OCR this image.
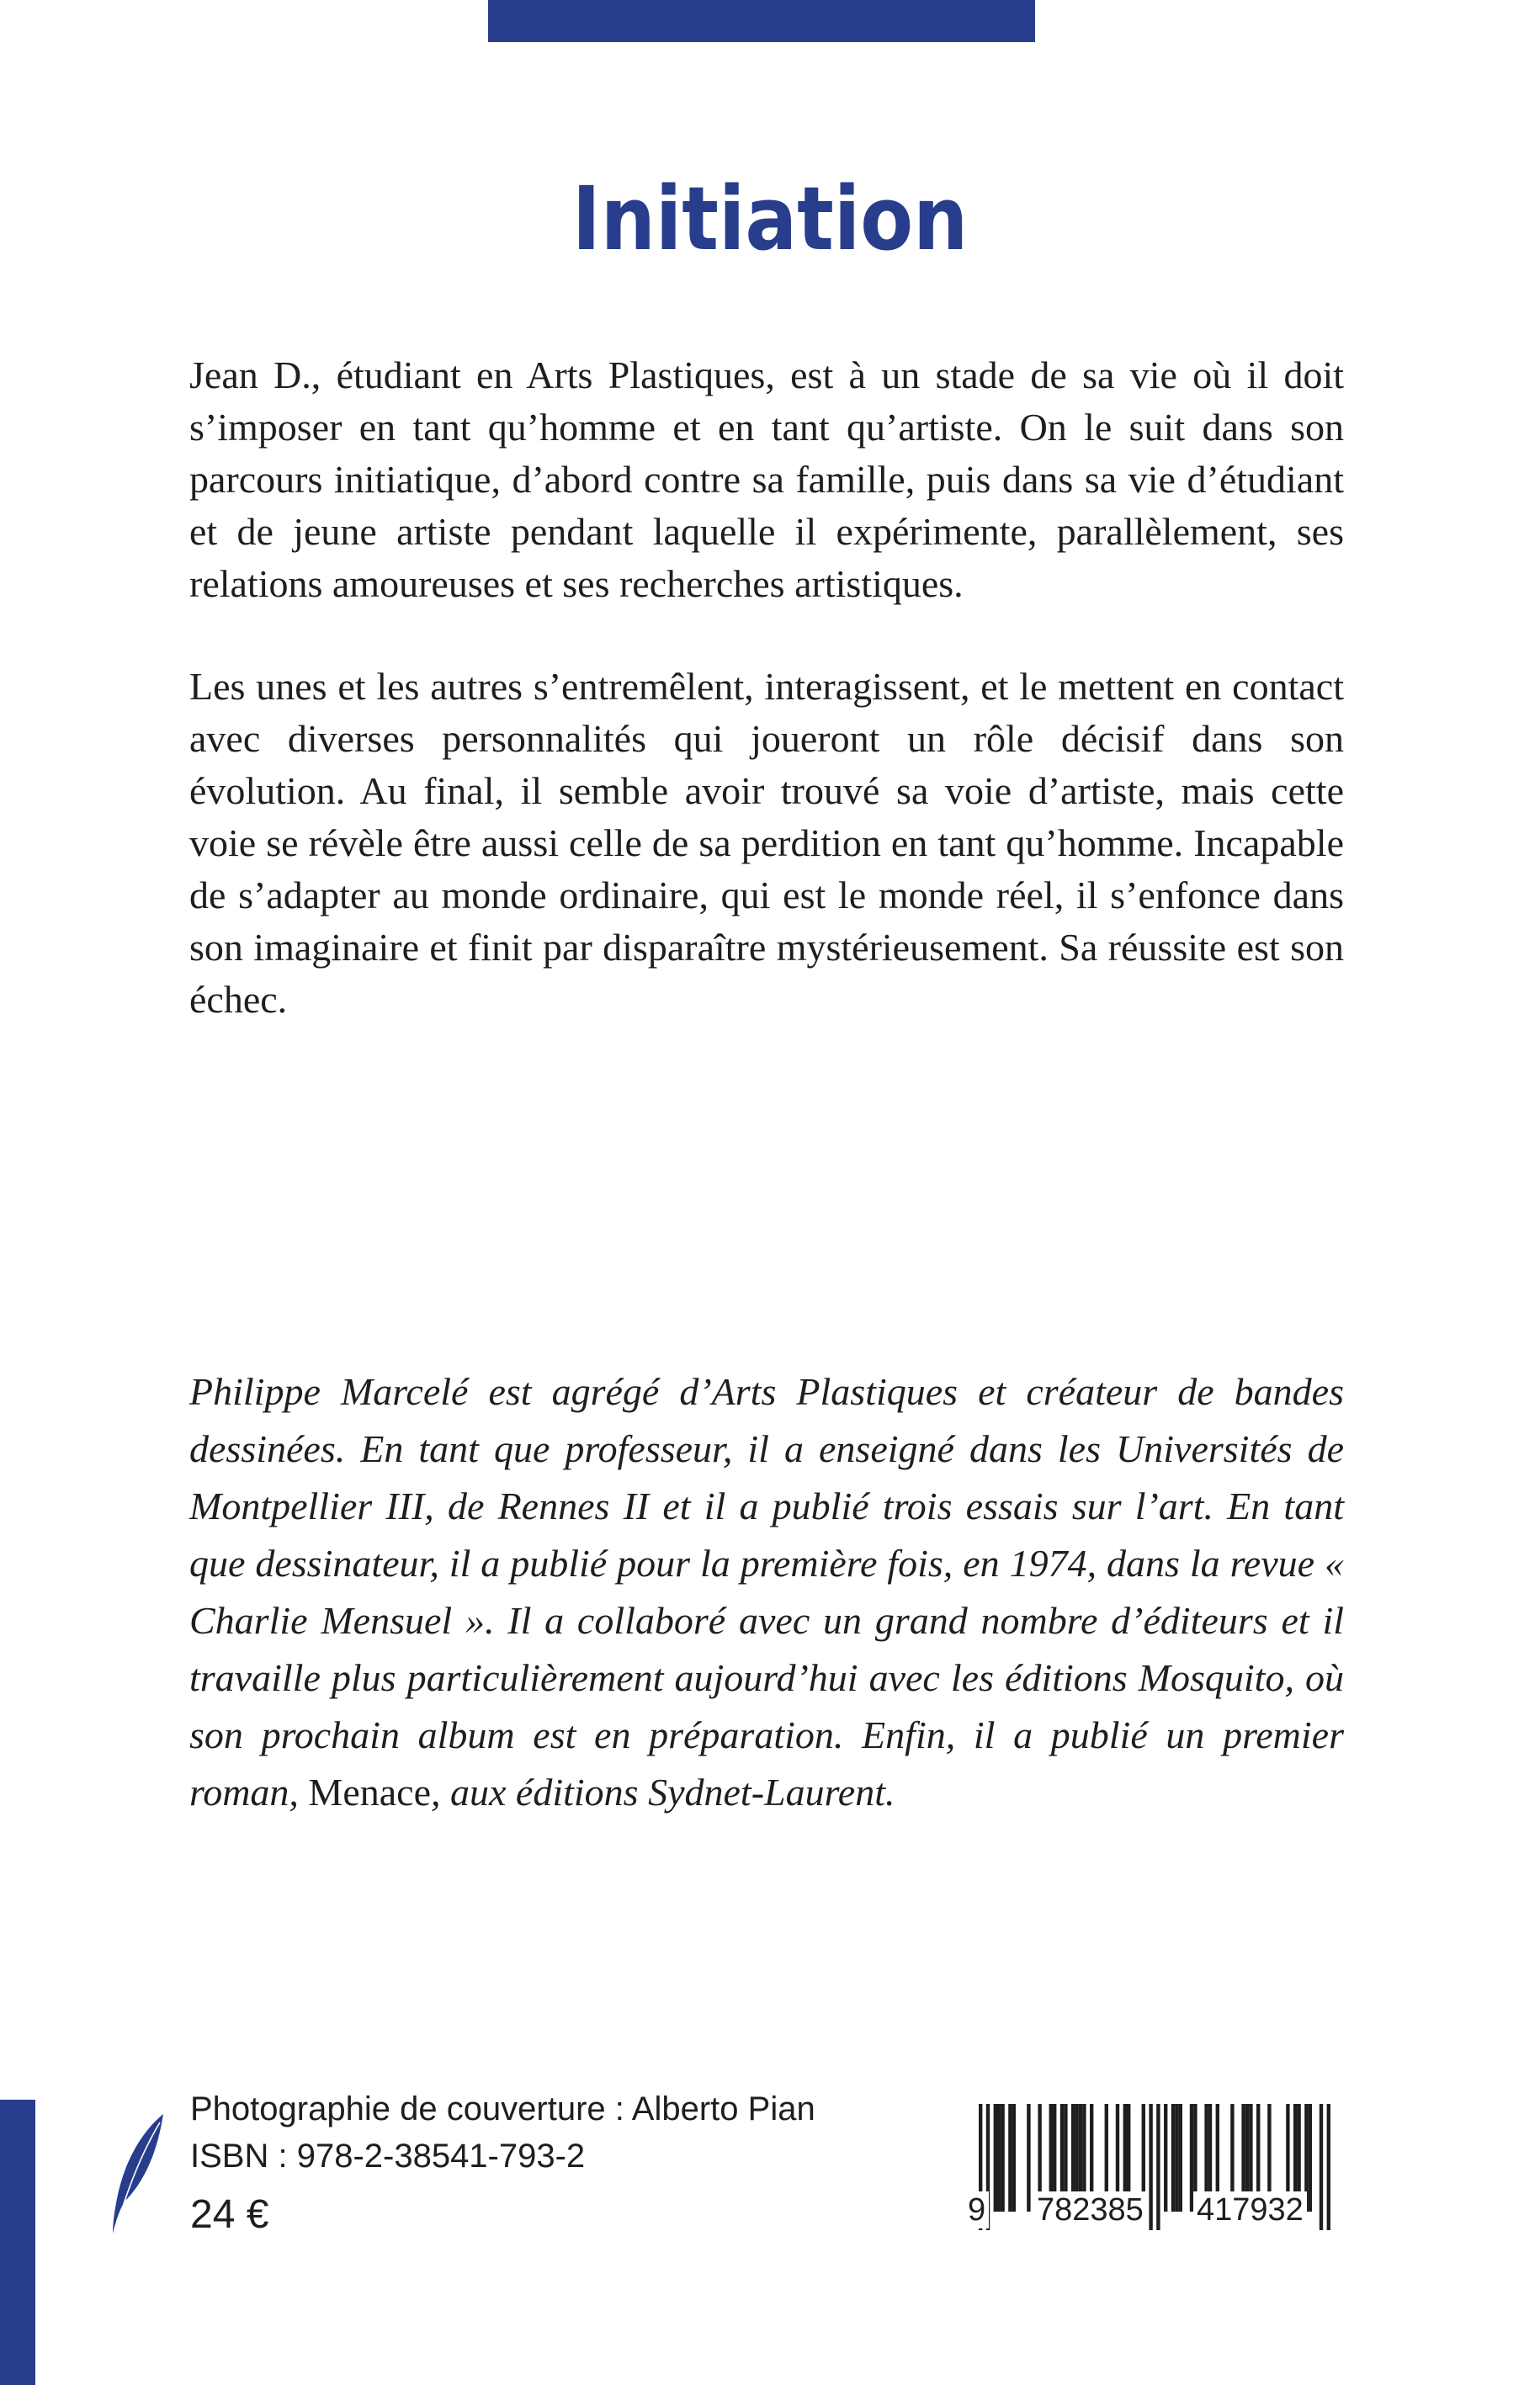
Initiation

Jean D., étudiant en Arts Plastiques, est à un stade de sa vie où il doit s’imposer en tant qu’homme et en tant qu’artiste. On le suit dans son parcours initiatique, d’abord contre sa famille, puis dans sa vie d’étudiant et de jeune artiste pendant laquelle il expérimente, parallèlement, ses relations amoureuses et ses recherches artistiques.

Les unes et les autres s’entremêlent, interagissent, et le mettent en contact avec diverses personnalités qui joueront un rôle décisif dans son évolution. Au final, il semble avoir trouvé sa voie d’artiste, mais cette voie se révèle être aussi celle de sa perdition en tant qu’homme. Incapable de s’adapter au monde ordinaire, qui est le monde réel, il s’enfonce dans son imaginaire et finit par disparaître mystérieusement. Sa réussite est son échec.

Philippe Marcelé est agrégé d’Arts Plastiques et créateur de bandes dessinées. En tant que professeur, il a enseigné dans les Universités de Montpellier III, de Rennes II et il a publié trois essais sur l’art. En tant que dessinateur, il a publié pour la première fois, en 1974, dans la revue « Charlie Mensuel ». Il a collaboré avec un grand nombre d’éditeurs et il travaille plus particulièrement aujourd’hui avec les éditions Mosquito, où son prochain album est en préparation. Enfin, il a publié un premier roman, Menace, aux éditions Sydnet-Laurent.

Photographie de couverture : Alberto Pian
ISBN : 978-2-38541-793-2
24 €	9 782385 417932
